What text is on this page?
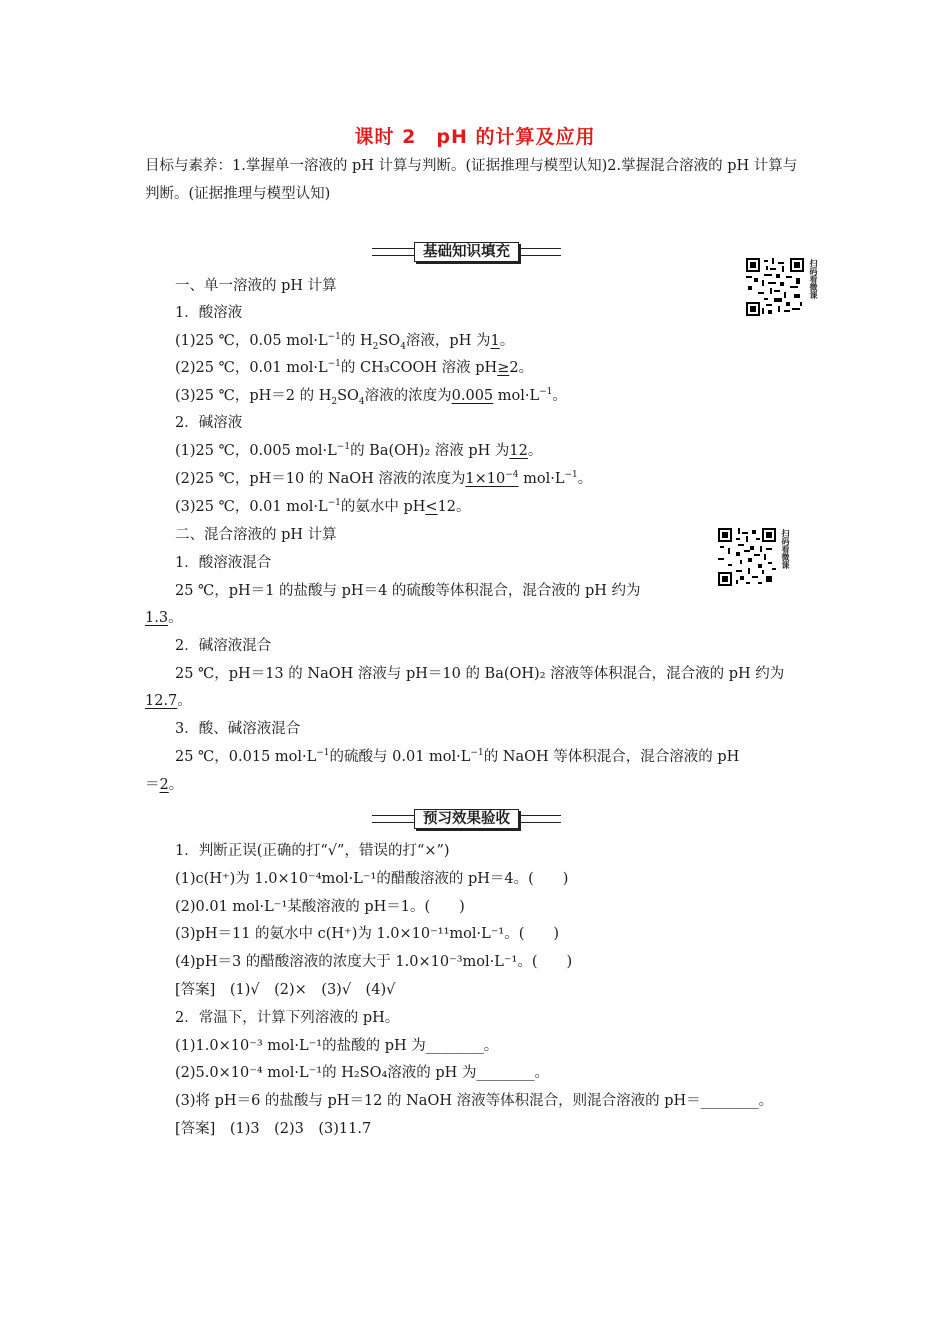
课时 2　pH 的计算及应用
目标与素养：1.掌握单一溶液的 pH 计算与判断。(证据推理与模型认知)2.掌握混合溶液的 pH 计算与判断。(证据推理与模型认知)
基础知识填充
扫码看微课
一、单一溶液的 pH 计算
1．酸溶液
(1)25 ℃，0.05 $mol\cdot L^{-1}$的 $H_2SO_4$溶液，pH 为1。
(2)25 ℃，0.01 $mol\cdot L^{-1}$的 CH₃COOH 溶液 pH≥2。
(3)25 ℃，pH＝2 的 $H_2SO_4$溶液的浓度为0.005 $mol\cdot L^{-1}$。
2．碱溶液
(1)25 ℃，0.005 $mol\cdot L^{-1}$的 Ba(OH)₂ 溶液 pH 为12。
(2)25 ℃，pH＝10 的 NaOH 溶液的浓度为$1\times 10^{-4}$ $mol\cdot L^{-1}$。
(3)25 ℃，0.01 $mol\cdot L^{-1}$的氨水中 pH<12。
扫码看微课
二、混合溶液的 pH 计算
1．酸溶液混合
25 ℃，pH＝1 的盐酸与 pH＝4 的硫酸等体积混合，混合液的 pH 约为
1.3。
2．碱溶液混合
25 ℃，pH＝13 的 NaOH 溶液与 pH＝10 的 Ba(OH)₂ 溶液等体积混合，混合液的 pH 约为
12.7。
3．酸、碱溶液混合
25 ℃，0.015 $mol\cdot L^{-1}$的硫酸与 0.01 $mol\cdot L^{-1}$的 NaOH 等体积混合，混合溶液的 pH
＝2。
预习效果验收
1．判断正误(正确的打“√”，错误的打“×”)
(1)c(H⁺)为 1.0×10⁻⁴mol·L⁻¹的醋酸溶液的 pH＝4。(　　)
(2)0.01 mol·L⁻¹某酸溶液的 pH＝1。(　　)
(3)pH＝11 的氨水中 c(H⁺)为 1.0×10⁻¹¹mol·L⁻¹。(　　)
(4)pH＝3 的醋酸溶液的浓度大于 1.0×10⁻³mol·L⁻¹。(　　)
[答案]　(1)√　(2)×　(3)√　(4)√
2．常温下，计算下列溶液的 pH。
(1)1.0×10⁻³ mol·L⁻¹的盐酸的 pH 为________。
(2)5.0×10⁻⁴ mol·L⁻¹的 H₂SO₄溶液的 pH 为________。
(3)将 pH＝6 的盐酸与 pH＝12 的 NaOH 溶液等体积混合，则混合溶液的 pH＝________。
[答案]　(1)3　(2)3　(3)11.7
